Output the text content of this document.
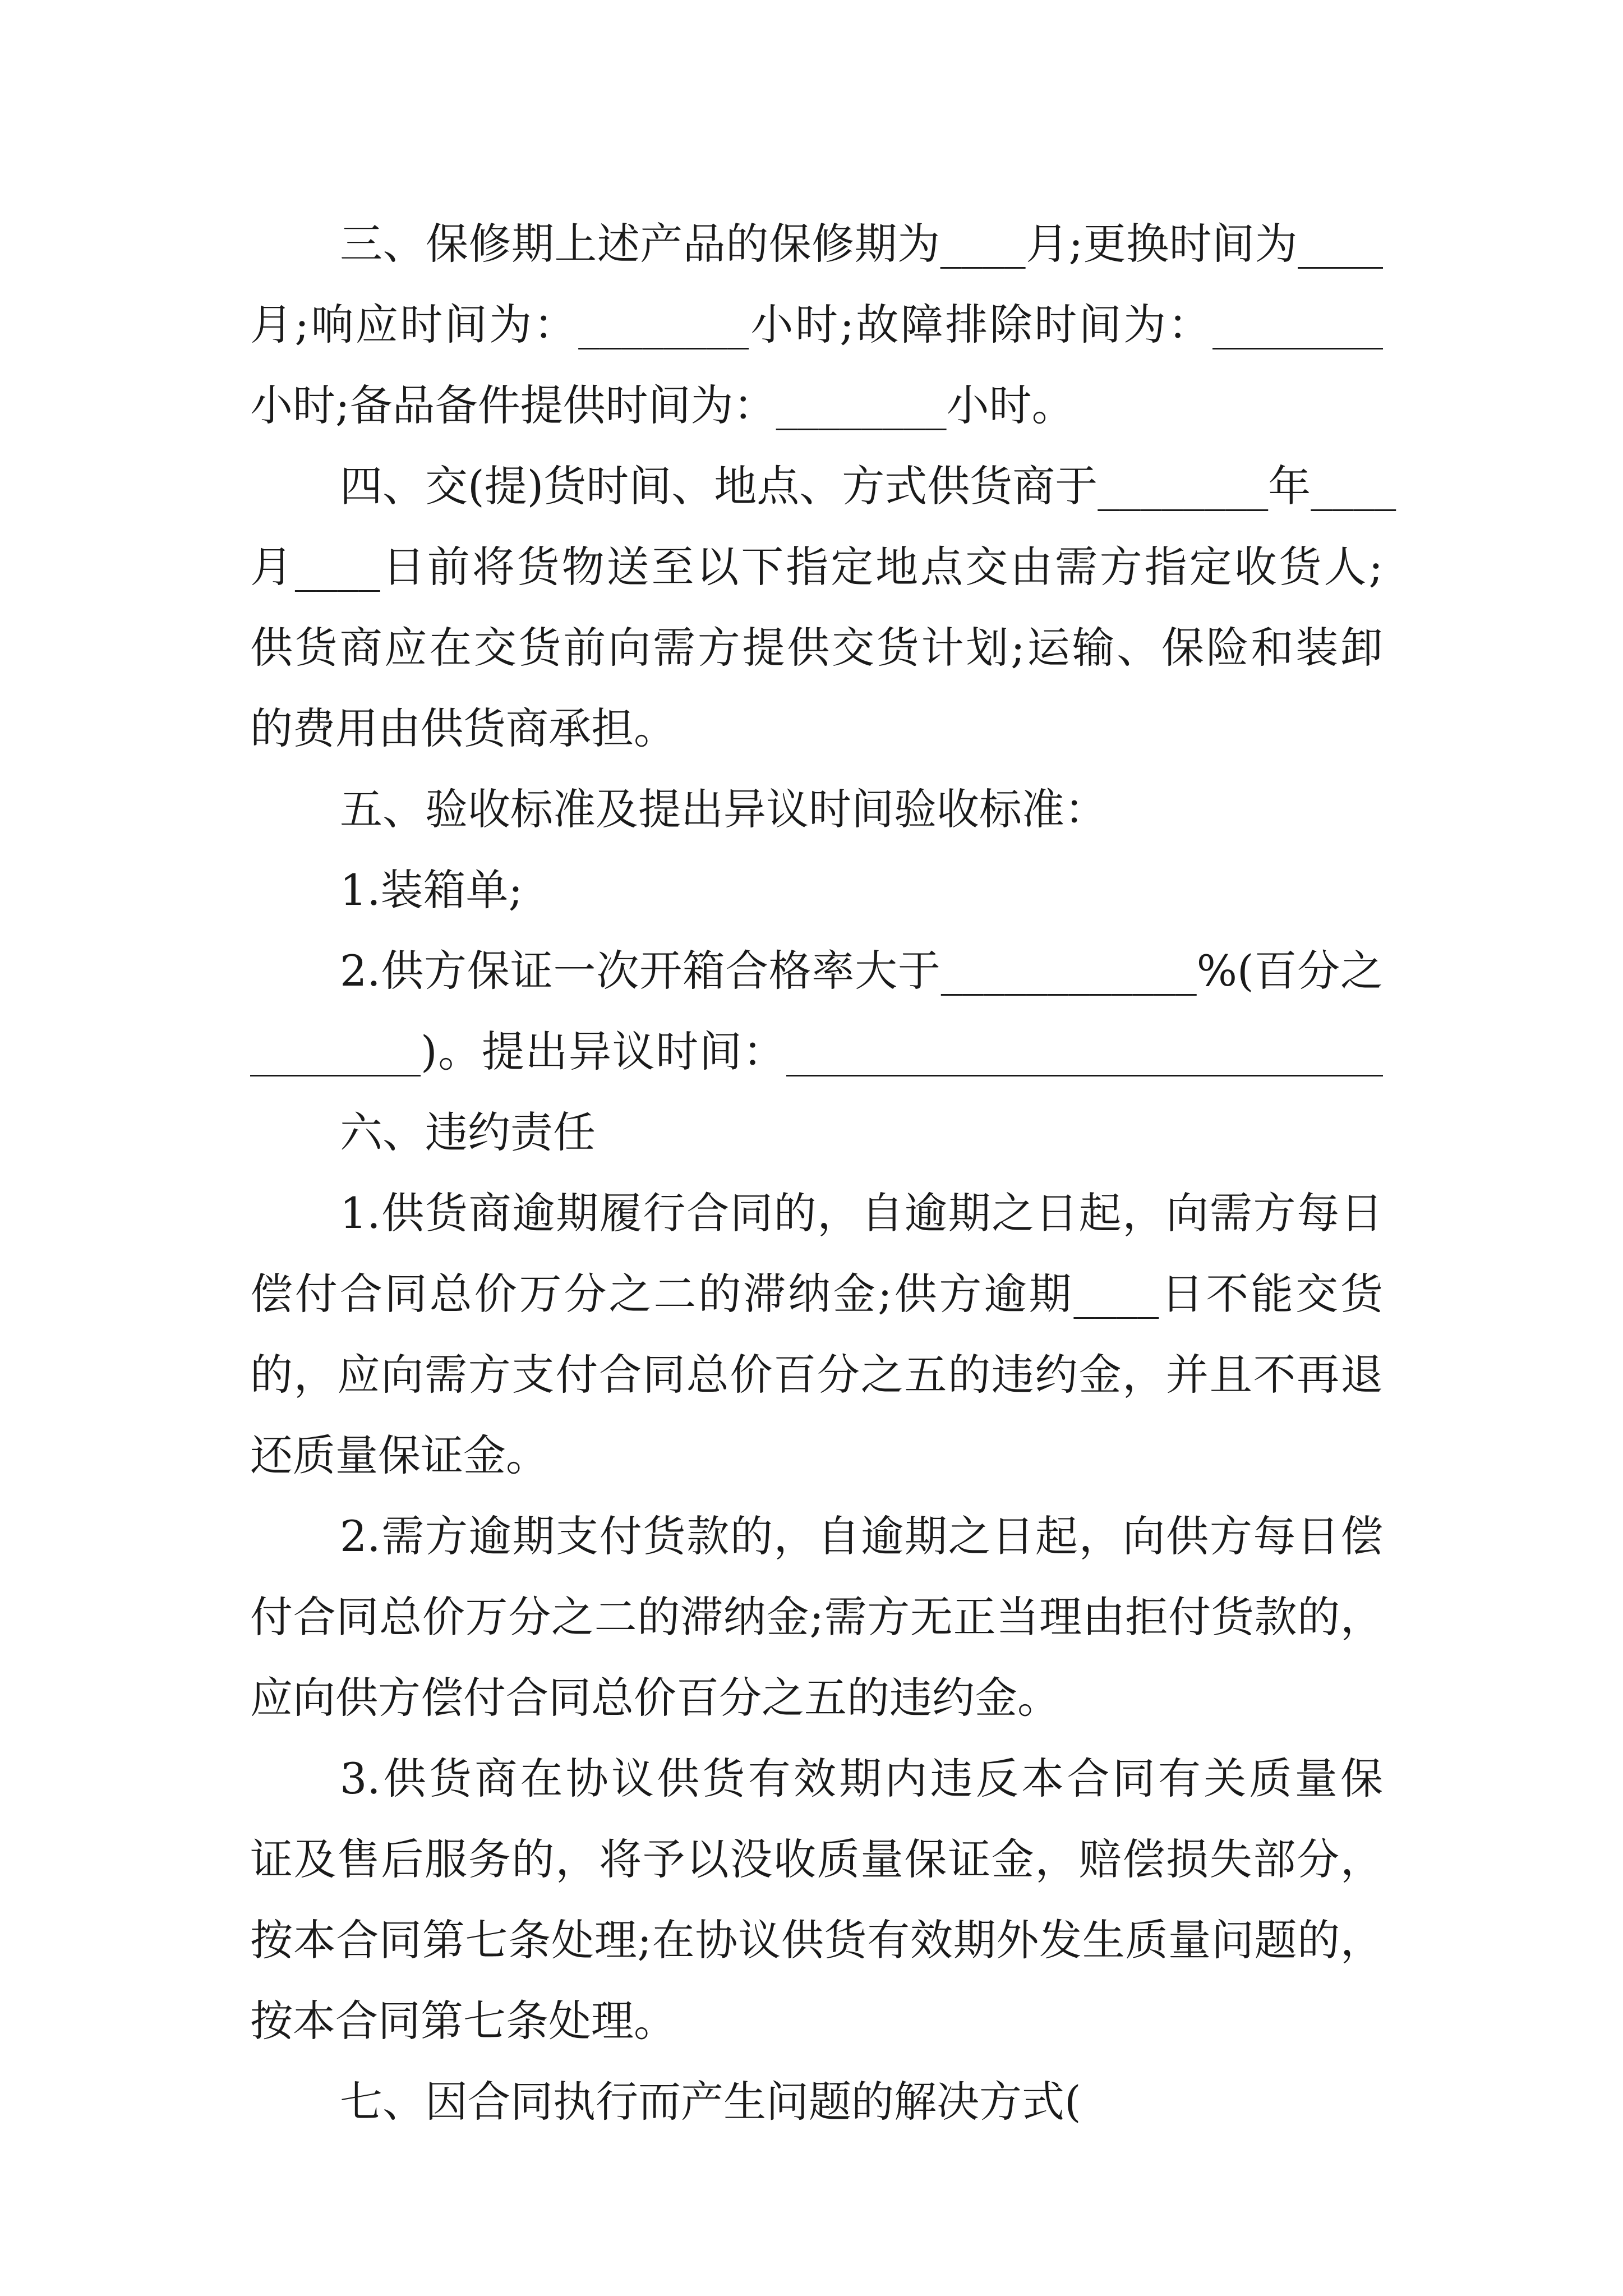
三、保修期上述产品的保修期为____月;更换时间为____
月;响应时间为：________小时;故障排除时间为：________
小时;备品备件提供时间为：________小时。
四、交(提)货时间、地点、方式供货商于________年____
月____日前将货物送至以下指定地点交由需方指定收货人;
供货商应在交货前向需方提供交货计划;运输、保险和装卸
的费用由供货商承担。
五、验收标准及提出异议时间验收标准：
1.装箱单;
2.供方保证一次开箱合格率大于____________%(百分之
________)。提出异议时间：____________________________
六、违约责任
1.供货商逾期履行合同的，自逾期之日起，向需方每日
偿付合同总价万分之二的滞纳金;供方逾期____日不能交货
的，应向需方支付合同总价百分之五的违约金，并且不再退
还质量保证金。
2.需方逾期支付货款的，自逾期之日起，向供方每日偿
付合同总价万分之二的滞纳金;需方无正当理由拒付货款的，
应向供方偿付合同总价百分之五的违约金。
3.供货商在协议供货有效期内违反本合同有关质量保
证及售后服务的，将予以没收质量保证金，赔偿损失部分，
按本合同第七条处理;在协议供货有效期外发生质量问题的，
按本合同第七条处理。
七、因合同执行而产生问题的解决方式(
